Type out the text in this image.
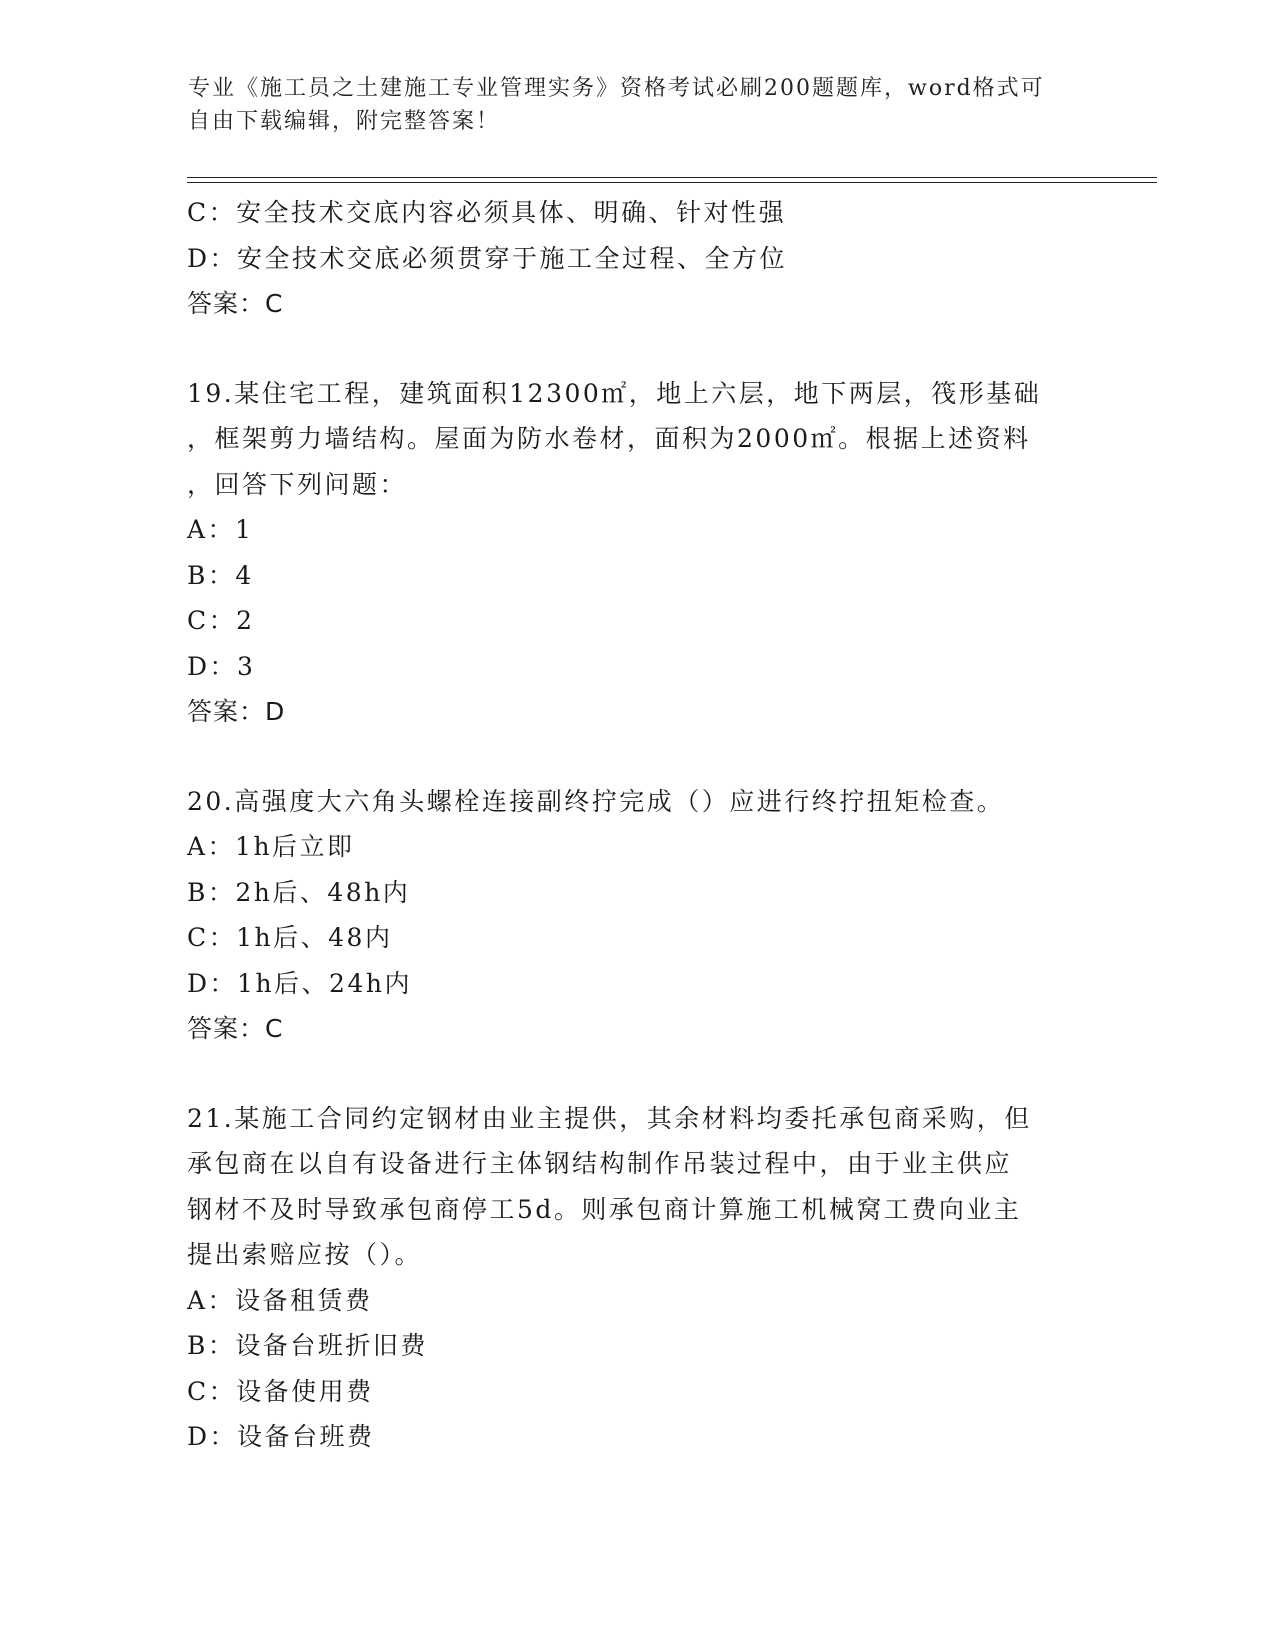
专业《施工员之土建施工专业管理实务》资格考试必刷200题题库，word格式可
自由下载编辑，附完整答案！
C：安全技术交底内容必须具体、明确、针对性强
D：安全技术交底必须贯穿于施工全过程、全方位
答案：C
19.某住宅工程，建筑面积12300㎡，地上六层，地下两层，筏形基础
，框架剪力墙结构。屋面为防水卷材，面积为2000㎡。根据上述资料
，回答下列问题：
A：1
B：4
C：2
D：3
答案：D
20.高强度大六角头螺栓连接副终拧完成（）应进行终拧扭矩检查。
A：1h后立即
B：2h后、48h内
C：1h后、48内
D：1h后、24h内
答案：C
21.某施工合同约定钢材由业主提供，其余材料均委托承包商采购，但
承包商在以自有设备进行主体钢结构制作吊装过程中，由于业主供应
钢材不及时导致承包商停工5d。则承包商计算施工机械窝工费向业主
提出索赔应按（）。
A：设备租赁费
B：设备台班折旧费
C：设备使用费
D：设备台班费
